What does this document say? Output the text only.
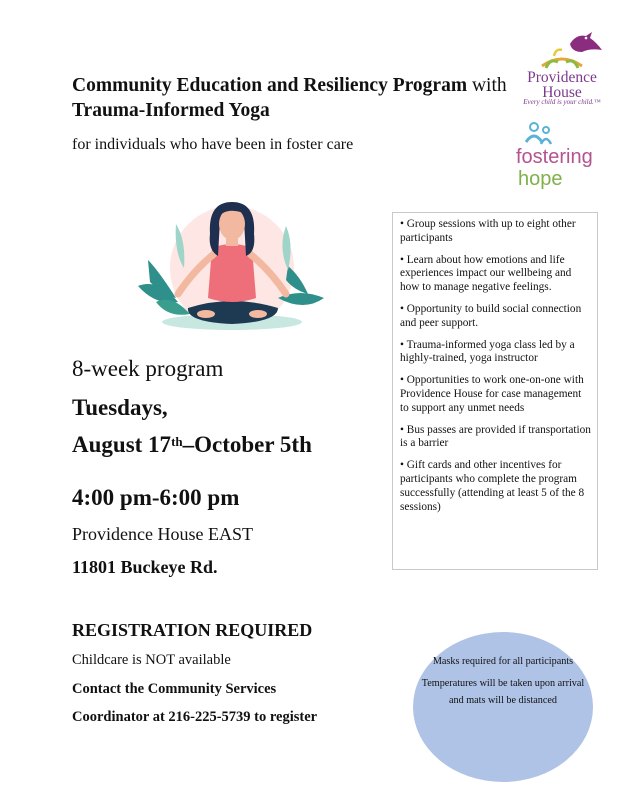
Community Education and Resiliency Program with Trauma-Informed Yoga
for individuals who have been in foster care
Providence
House
Every child is your child.™
fostering
hope

• Group sessions with up to eight other participants

• Learn about how emotions and life experiences impact our wellbeing and how to manage negative feelings.

• Opportunity to build social connection and peer support.

• Trauma-informed yoga class led by a highly-trained, yoga instructor

• Opportunities to work one-on-one with Providence House for case management to support any unmet needs

• Bus passes are provided if transportation is a barrier

• Gift cards and other incentives for participants who complete the program successfully (attending at least 5 of the 8 sessions)

8-week program
Tuesdays,
August 17th–October 5th
4:00 pm-6:00 pm
Providence House EAST
11801 Buckeye Rd.
REGISTRATION REQUIRED
Childcare is NOT available
Contact the Community Services
Coordinator at 216-225-5739 to register

Masks required for all participants

Temperatures will be taken upon arrival and mats will be distanced
